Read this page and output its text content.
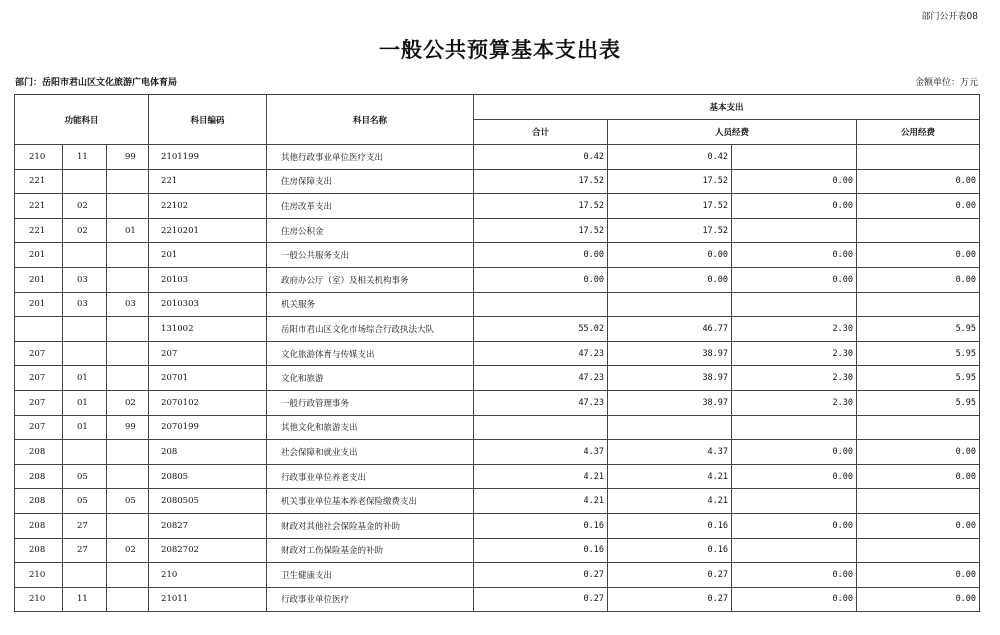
部门公开表08
一般公共预算基本支出表
部门：岳阳市君山区文化旅游广电体育局	金额单位：万元
功能科目			科目编码	科目名称	基本支出			
					合计	人员经费		公用经费
210	11	99	2101199	其他行政事业单位医疗支出	0.42	0.42		
221			221	住房保障支出	17.52	17.52	0.00	0.00
221	02		22102	住房改革支出	17.52	17.52	0.00	0.00
221	02	01	2210201	住房公积金	17.52	17.52		
201			201	一般公共服务支出	0.00	0.00	0.00	0.00
201	03		20103	政府办公厅（室）及相关机构事务	0.00	0.00	0.00	0.00
201	03	03	2010303	机关服务				
			131002	岳阳市君山区文化市场综合行政执法大队	55.02	46.77	2.30	5.95
207			207	文化旅游体育与传媒支出	47.23	38.97	2.30	5.95
207	01		20701	文化和旅游	47.23	38.97	2.30	5.95
207	01	02	2070102	一般行政管理事务	47.23	38.97	2.30	5.95
207	01	99	2070199	其他文化和旅游支出				
208			208	社会保障和就业支出	4.37	4.37	0.00	0.00
208	05		20805	行政事业单位养老支出	4.21	4.21	0.00	0.00
208	05	05	2080505	机关事业单位基本养老保险缴费支出	4.21	4.21		
208	27		20827	财政对其他社会保险基金的补助	0.16	0.16	0.00	0.00
208	27	02	2082702	财政对工伤保险基金的补助	0.16	0.16		
210			210	卫生健康支出	0.27	0.27	0.00	0.00
210	11		21011	行政事业单位医疗	0.27	0.27	0.00	0.00
